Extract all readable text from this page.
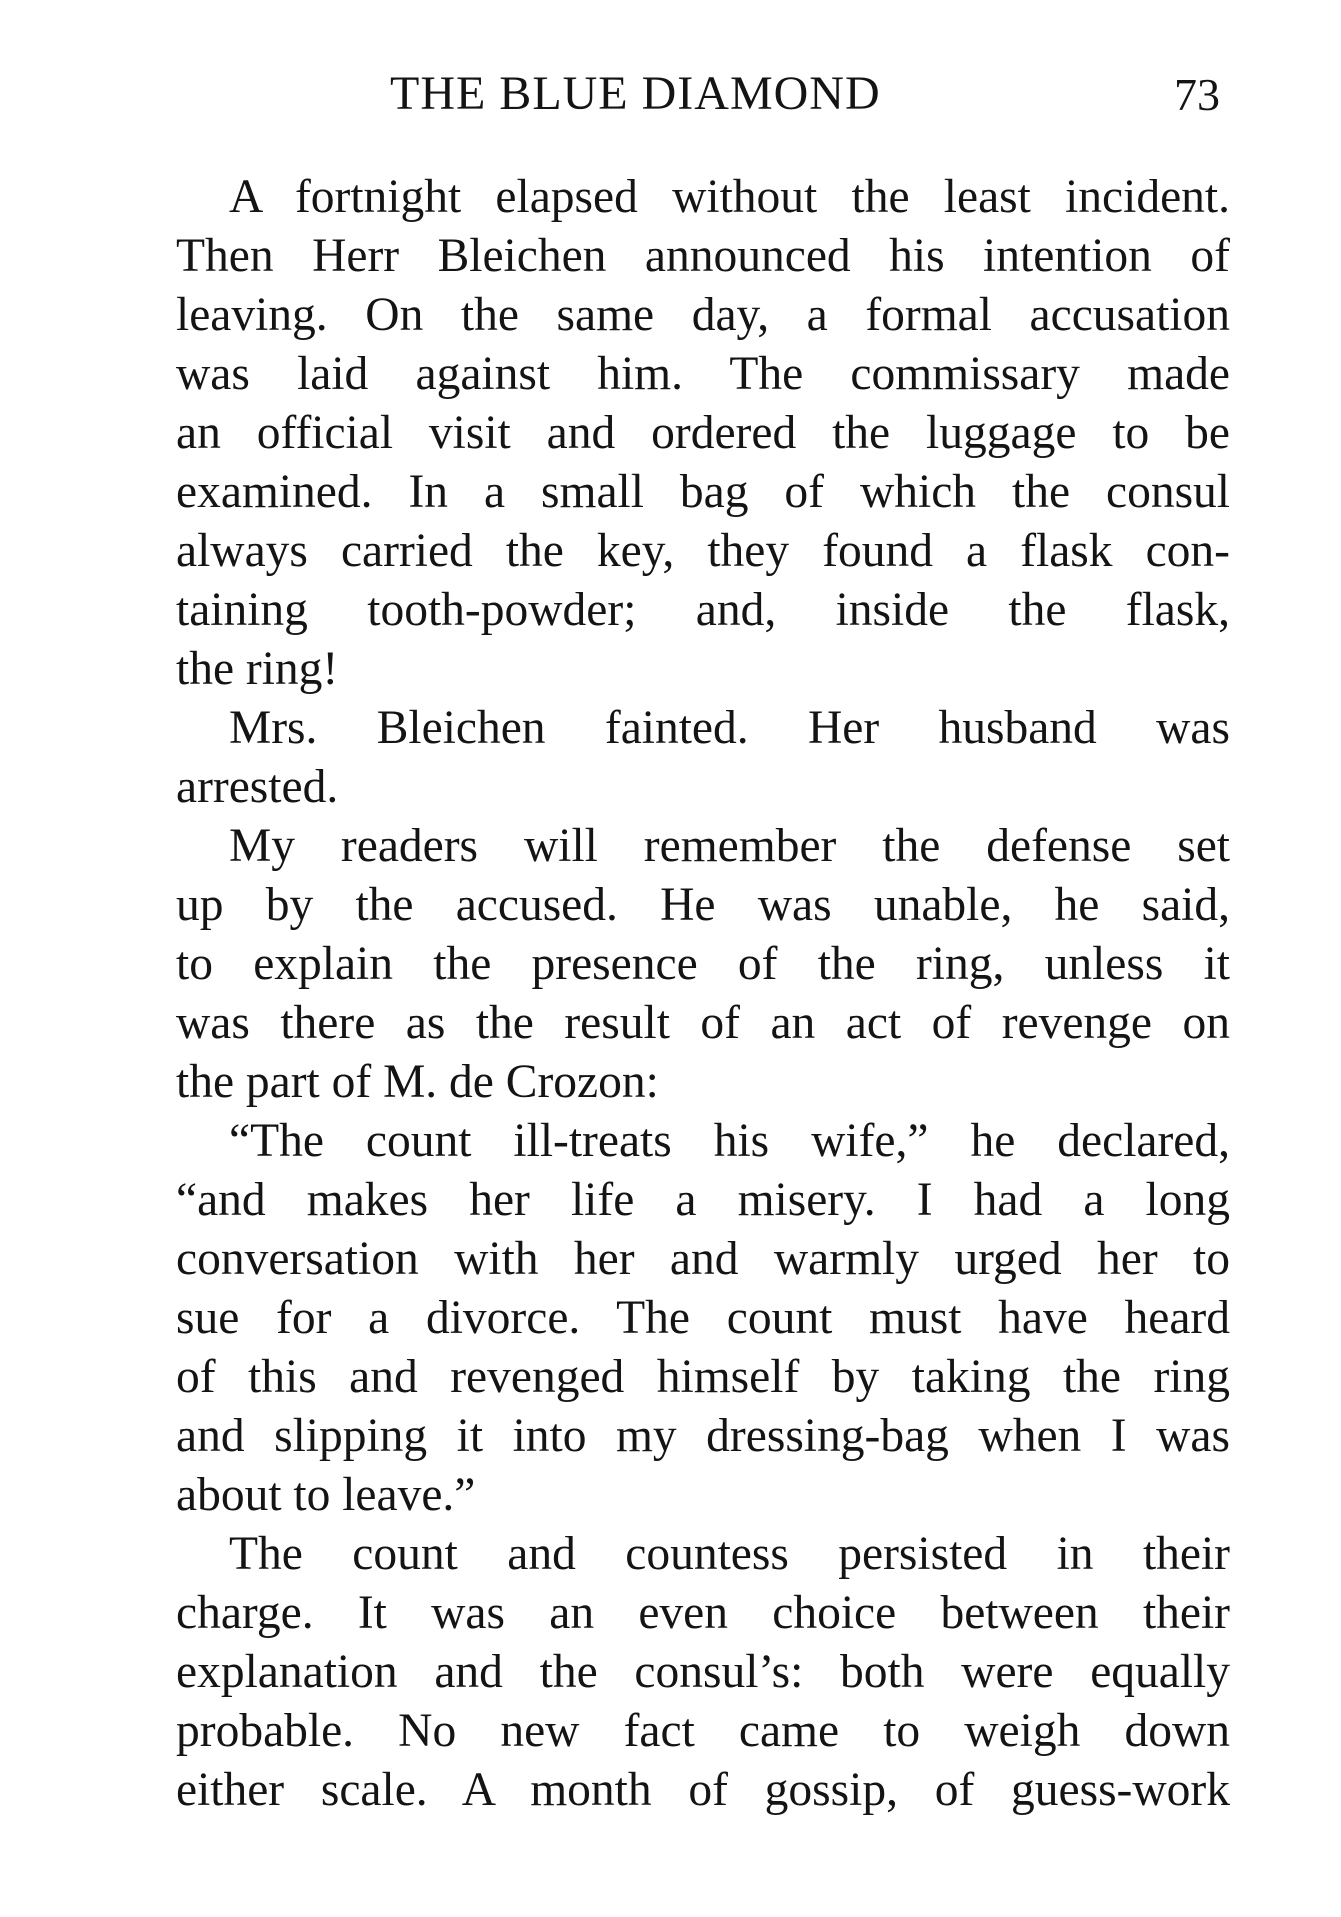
THE BLUE DIAMOND	73
A fortnight elapsed without the least incident.
Then Herr Bleichen announced his intention of
leaving. On the same day, a formal accusation
was laid against him. The commissary made
an official visit and ordered the luggage to be
examined. In a small bag of which the consul
always carried the key, they found a flask con-
taining tooth-powder; and, inside the flask,
the ring!
Mrs. Bleichen fainted. Her husband was
arrested.
My readers will remember the defense set
up by the accused. He was unable, he said,
to explain the presence of the ring, unless it
was there as the result of an act of revenge on
the part of M. de Crozon:
“The count ill-treats his wife,” he declared,
“and makes her life a misery. I had a long
conversation with her and warmly urged her to
sue for a divorce. The count must have heard
of this and revenged himself by taking the ring
and slipping it into my dressing-bag when I was
about to leave.”
The count and countess persisted in their
charge. It was an even choice between their
explanation and the consul’s: both were equally
probable. No new fact came to weigh down
either scale. A month of gossip, of guess-work
